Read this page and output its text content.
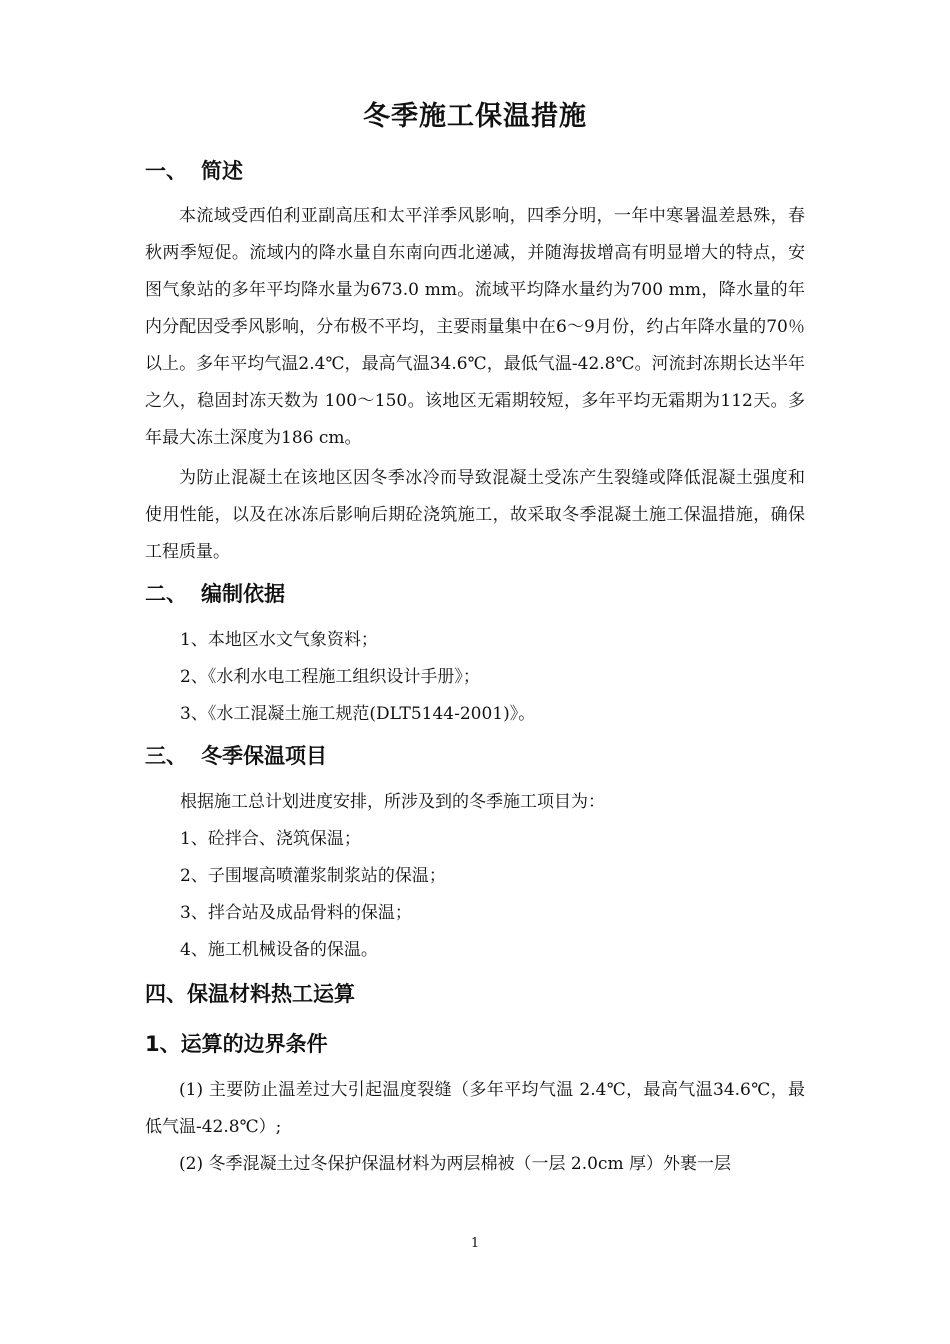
冬季施工保温措施
一、 简述
本流域受西伯利亚副高压和太平洋季风影响，四季分明，一年中寒暑温差悬殊，春秋两季短促。流域内的降水量自东南向西北递减，并随海拔增高有明显增大的特点，安图气象站的多年平均降水量为673.0 mm。流域平均降水量约为700 mm，降水量的年内分配因受季风影响，分布极不平均，主要雨量集中在6～9月份，约占年降水量的70％以上。多年平均气温2.4℃，最高气温34.6℃，最低气温-42.8℃。河流封冻期长达半年之久，稳固封冻天数为 100～150。该地区无霜期较短，多年平均无霜期为112天。多年最大冻土深度为186 cm。
为防止混凝土在该地区因冬季冰冷而导致混凝土受冻产生裂缝或降低混凝土强度和使用性能，以及在冰冻后影响后期砼浇筑施工，故采取冬季混凝土施工保温措施，确保工程质量。
二、 编制依据
1、本地区水文气象资料；
2、《水利水电工程施工组织设计手册》；
3、《水工混凝土施工规范(DLT5144-2001)》。
三、 冬季保温项目
根据施工总计划进度安排，所涉及到的冬季施工项目为：
1、砼拌合、浇筑保温；
2、子围堰高喷灌浆制浆站的保温；
3、拌合站及成品骨料的保温；
4、施工机械设备的保温。
四、保温材料热工运算
1、运算的边界条件
(1) 主要防止温差过大引起温度裂缝（多年平均气温 2.4℃，最高气温34.6℃，最低气温-42.8℃）;
(2) 冬季混凝土过冬保护保温材料为两层棉被（一层 2.0cm 厚）外裹一层
1
